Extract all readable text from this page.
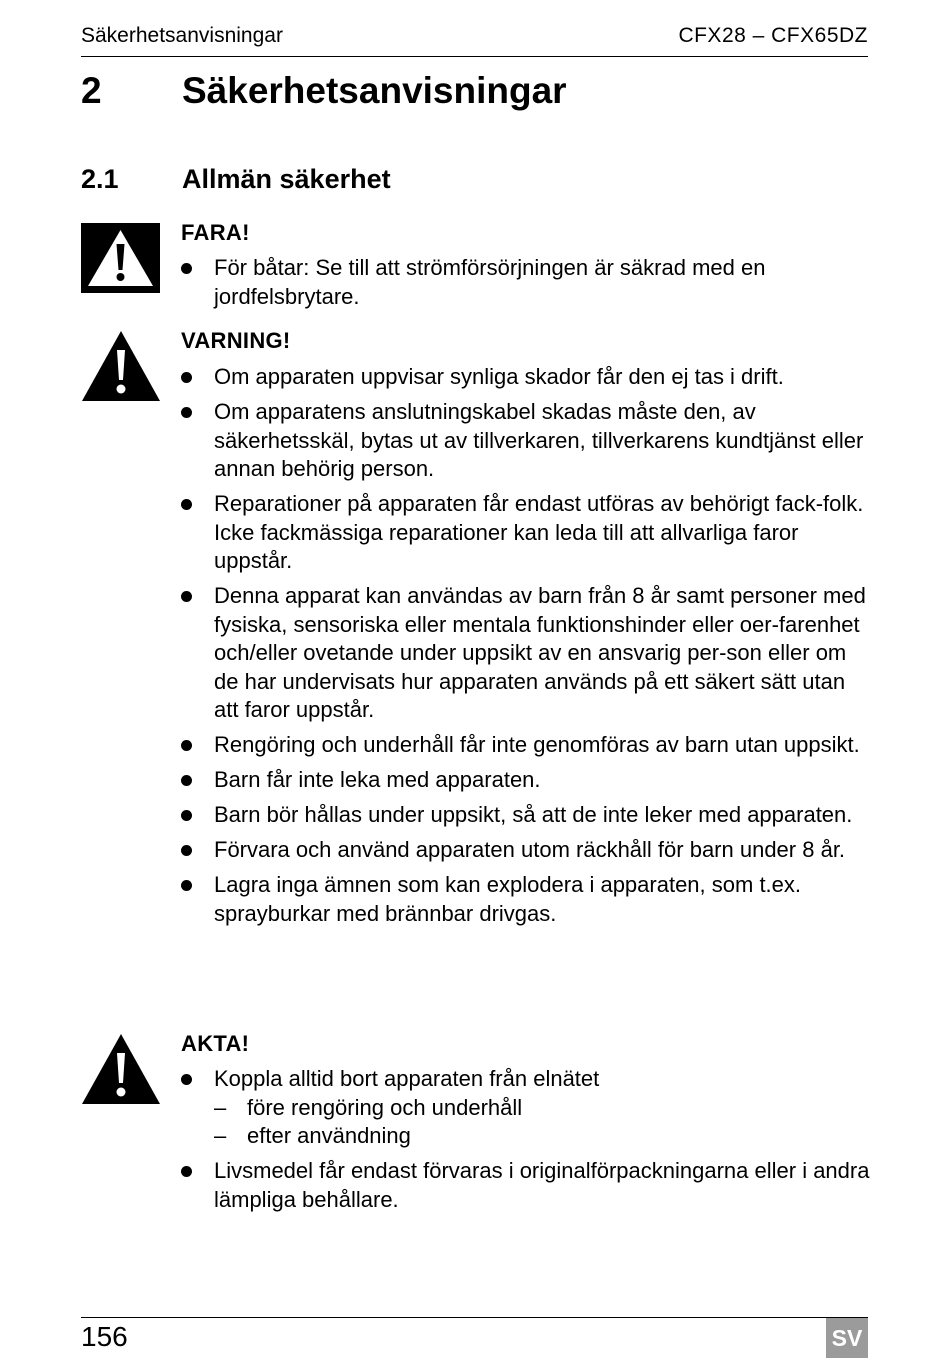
Säkerhetsanvisningar	CFX28 – CFX65DZ
2 Säkerhetsanvisningar
2.1 Allmän säkerhet
FARA!
För båtar: Se till att strömförsörjningen är säkrad med en jordfelsbrytare.
VARNING!
Om apparaten uppvisar synliga skador får den ej tas i drift.
Om apparatens anslutningskabel skadas måste den, av säkerhetsskäl, bytas ut av tillverkaren, tillverkarens kundtjänst eller annan behörig person.
Reparationer på apparaten får endast utföras av behörigt fack-folk. Icke fackmässiga reparationer kan leda till att allvarliga faror uppstår.
Denna apparat kan användas av barn från 8 år samt personer med fysiska, sensoriska eller mentala funktionshinder eller oer-farenhet och/eller ovetande under uppsikt av en ansvarig per-son eller om de har undervisats hur apparaten används på ett säkert sätt utan att faror uppstår.
Rengöring och underhåll får inte genomföras av barn utan uppsikt.
Barn får inte leka med apparaten.
Barn bör hållas under uppsikt, så att de inte leker med apparaten.
Förvara och använd apparaten utom räckhåll för barn under 8 år.
Lagra inga ämnen som kan explodera i apparaten, som t.ex. sprayburkar med brännbar drivgas.
AKTA!
Koppla alltid bort apparaten från elnätet
– före rengöring och underhåll
– efter användning
Livsmedel får endast förvaras i originalförpackningarna eller i andra lämpliga behållare.
156	SV
